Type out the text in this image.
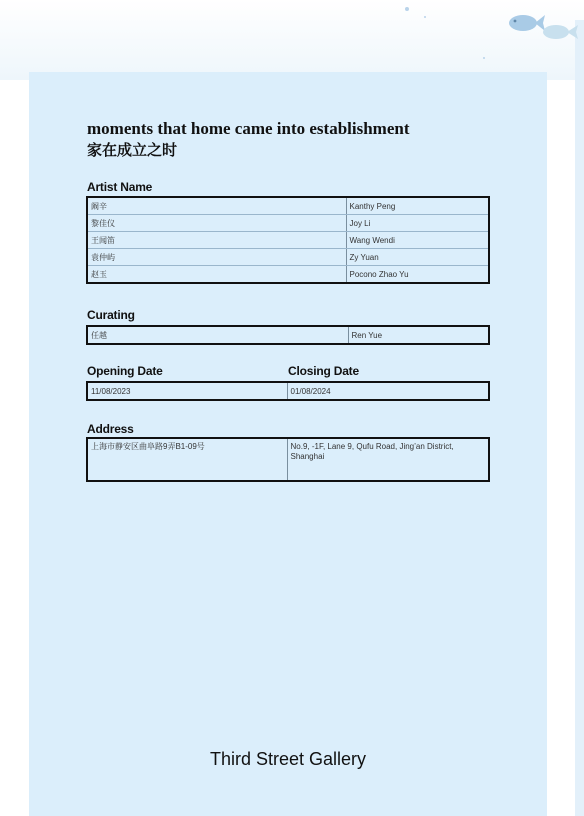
moments that home came into establishment
家在成立之时
Artist Name
阚辛	Kanthy Peng
黎佳仪	Joy Li
王闻笛	Wang Wendi
袁仲屿	Zy Yuan
赵玉	Pocono Zhao Yu
Curating
任越	Ren Yue
Opening Date	Closing Date
11/08/2023	01/08/2024
Address
上海市静安区曲阜路9弄B1-09号	No.9, -1F, Lane 9, Qufu Road, Jing’an District, Shanghai
Third Street Gallery
